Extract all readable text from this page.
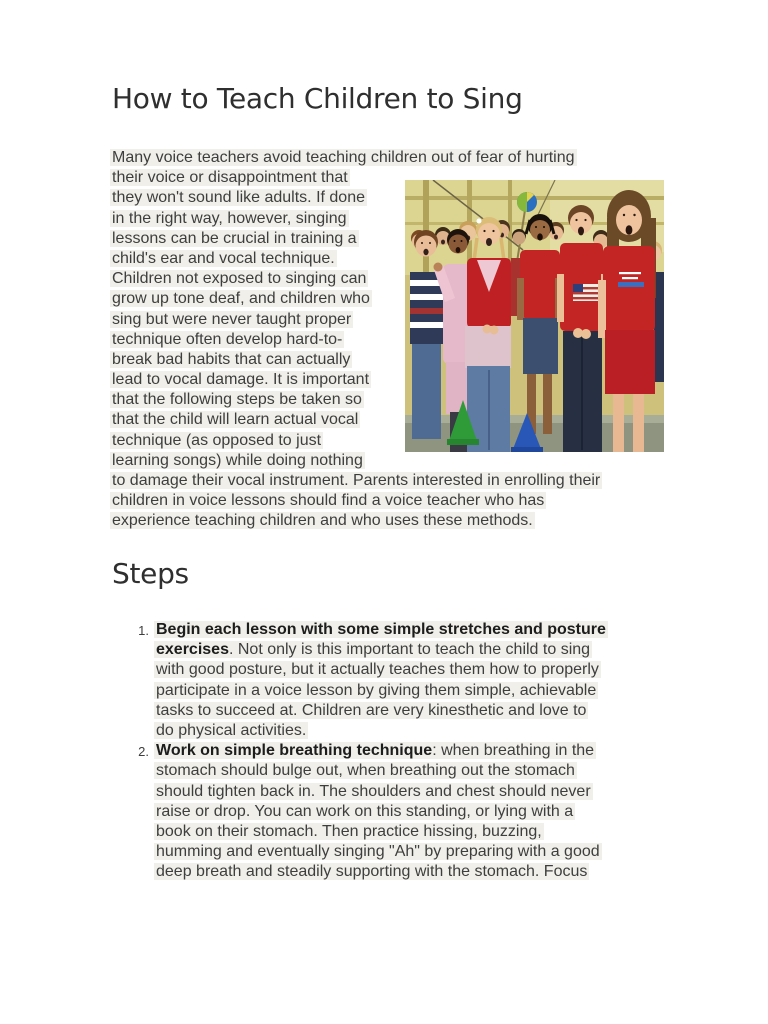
How to Teach Children to Sing
Many voice teachers avoid teaching children out of fear of hurting
their voice or disappointment that
they won't sound like adults. If done
in the right way, however, singing
lessons can be crucial in training a
child's ear and vocal technique.
Children not exposed to singing can
grow up tone deaf, and children who
sing but were never taught proper
technique often develop hard-to-
break bad habits that can actually
lead to vocal damage. It is important
that the following steps be taken so
that the child will learn actual vocal
technique (as opposed to just
learning songs) while doing nothing
to damage their vocal instrument. Parents interested in enrolling their
children in voice lessons should find a voice teacher who has
experience teaching children and who uses these methods.
Steps
1. Begin each lesson with some simple stretches and posture
exercises. Not only is this important to teach the child to sing
with good posture, but it actually teaches them how to properly
participate in a voice lesson by giving them simple, achievable
tasks to succeed at. Children are very kinesthetic and love to
do physical activities.
2. Work on simple breathing technique: when breathing in the
stomach should bulge out, when breathing out the stomach
should tighten back in. The shoulders and chest should never
raise or drop. You can work on this standing, or lying with a
book on their stomach. Then practice hissing, buzzing,
humming and eventually singing "Ah" by preparing with a good
deep breath and steadily supporting with the stomach. Focus
